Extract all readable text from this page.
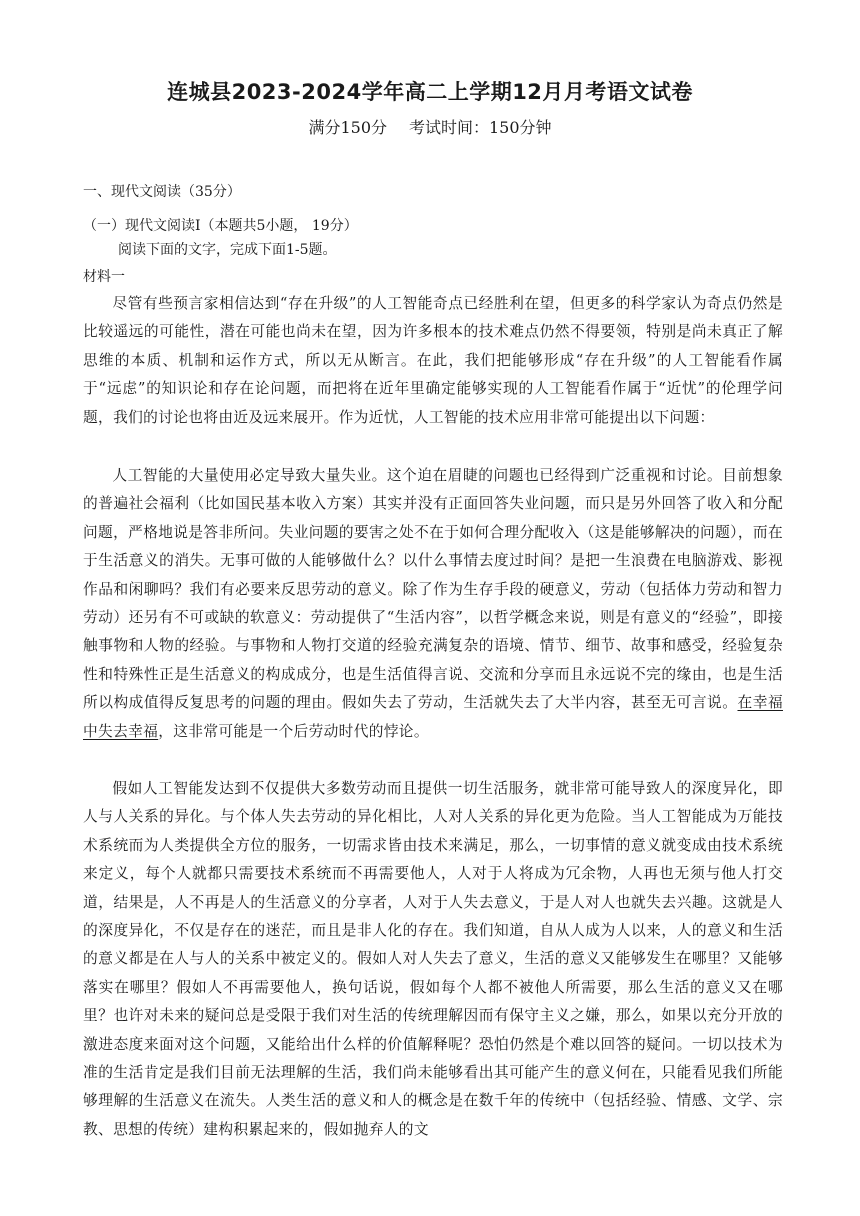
连城县2023-2024学年高二上学期12月月考语文试卷
满分150分 考试时间：150分钟
一、现代文阅读（35分）
（一）现代文阅读Ⅰ（本题共5小题， 19分）
阅读下面的文字，完成下面1-5题。
材料一

尽管有些预言家相信达到“存在升级”的人工智能奇点已经胜利在望，但更多的科学家认为奇点仍然是比较遥远的可能性，潜在可能也尚未在望，因为许多根本的技术难点仍然不得要领，特别是尚未真正了解思维的本质、机制和运作方式，所以无从断言。在此，我们把能够形成“存在升级”的人工智能看作属于“远虑”的知识论和存在论问题，而把将在近年里确定能够实现的人工智能看作属于“近忧”的伦理学问题，我们的讨论也将由近及远来展开。作为近忧，人工智能的技术应用非常可能提出以下问题：

人工智能的大量使用必定导致大量失业。这个迫在眉睫的问题也已经得到广泛重视和讨论。目前想象的普遍社会福利（比如国民基本收入方案）其实并没有正面回答失业问题，而只是另外回答了收入和分配问题，严格地说是答非所问。失业问题的要害之处不在于如何合理分配收入（这是能够解决的问题），而在于生活意义的消失。无事可做的人能够做什么？以什么事情去度过时间？是把一生浪费在电脑游戏、影视作品和闲聊吗？我们有必要来反思劳动的意义。除了作为生存手段的硬意义，劳动（包括体力劳动和智力劳动）还另有不可或缺的软意义：劳动提供了“生活内容”，以哲学概念来说，则是有意义的“经验”，即接触事物和人物的经验。与事物和人物打交道的经验充满复杂的语境、情节、细节、故事和感受，经验复杂性和特殊性正是生活意义的构成成分，也是生活值得言说、交流和分享而且永远说不完的缘由，也是生活所以构成值得反复思考的问题的理由。假如失去了劳动，生活就失去了大半内容，甚至无可言说。在幸福中失去幸福，这非常可能是一个后劳动时代的悖论。

假如人工智能发达到不仅提供大多数劳动而且提供一切生活服务，就非常可能导致人的深度异化，即人与人关系的异化。与个体人失去劳动的异化相比，人对人关系的异化更为危险。当人工智能成为万能技术系统而为人类提供全方位的服务，一切需求皆由技术来满足，那么，一切事情的意义就变成由技术系统来定义，每个人就都只需要技术系统而不再需要他人，人对于人将成为冗余物，人再也无须与他人打交道，结果是，人不再是人的生活意义的分享者，人对于人失去意义，于是人对人也就失去兴趣。这就是人的深度异化，不仅是存在的迷茫，而且是非人化的存在。我们知道，自从人成为人以来，人的意义和生活的意义都是在人与人的关系中被定义的。假如人对人失去了意义，生活的意义又能够发生在哪里？又能够落实在哪里？假如人不再需要他人，换句话说，假如每个人都不被他人所需要，那么生活的意义又在哪里？也许对未来的疑问总是受限于我们对生活的传统理解因而有保守主义之嫌，那么，如果以充分开放的激进态度来面对这个问题，又能给出什么样的价值解释呢？恐怕仍然是个难以回答的疑问。一切以技术为准的生活肯定是我们目前无法理解的生活，我们尚未能够看出其可能产生的意义何在，只能看见我们所能够理解的生活意义在流失。人类生活的意义和人的概念是在数千年的传统中（包括经验、情感、文学、宗教、思想的传统）建构积累起来的，假如抛弃人的文
